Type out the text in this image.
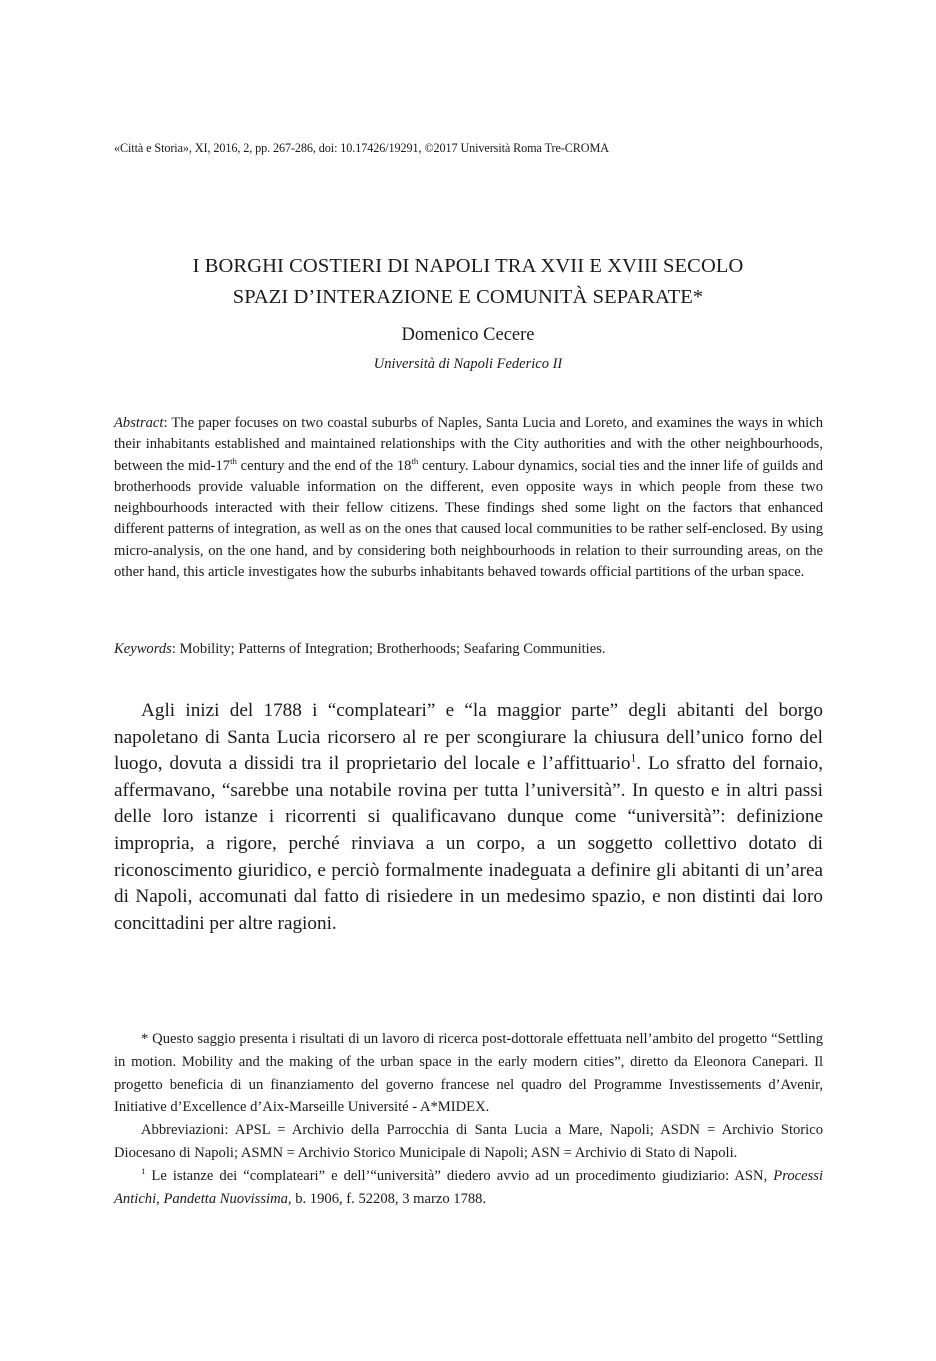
«Città e Storia», XI, 2016, 2, pp. 267-286, doi: 10.17426/19291, ©2017 Università Roma Tre-CROMA
I BORGHI COSTIERI DI NAPOLI TRA XVII E XVIII SECOLO
SPAZI D’INTERAZIONE E COMUNITÀ SEPARATE*
Domenico Cecere
Università di Napoli Federico II

Abstract: The paper focuses on two coastal suburbs of Naples, Santa Lucia and Loreto, and examines the ways in which their inhabitants established and maintained relationships with the City authorities and with the other neighbourhoods, between the mid-17th century and the end of the 18th century. Labour dynamics, social ties and the inner life of guilds and brotherhoods provide valuable information on the different, even opposite ways in which people from these two neighbourhoods interacted with their fellow citizens. These findings shed some light on the factors that enhanced different patterns of integration, as well as on the ones that caused local communities to be rather self-enclosed. By using micro-analysis, on the one hand, and by considering both neighbourhoods in relation to their surrounding areas, on the other hand, this article investigates how the suburbs inhabitants behaved towards official partitions of the urban space.

Keywords: Mobility; Patterns of Integration; Brotherhoods; Seafaring Communities.

Agli inizi del 1788 i “complateari” e “la maggior parte” degli abitanti del borgo napoletano di Santa Lucia ricorsero al re per scongiurare la chiusura dell’unico forno del luogo, dovuta a dissidi tra il proprietario del locale e l’affittuario$^1$. Lo sfratto del fornaio, affermavano, “sarebbe una notabile rovina per tutta l’università”. In questo e in altri passi delle loro istanze i ricorrenti si qualificavano dunque come “università”: definizione impropria, a rigore, perché rinviava a un corpo, a un soggetto collettivo dotato di riconoscimento giuridico, e perciò formalmente inadeguata a definire gli abitanti di un’area di Napoli, accomunati dal fatto di risiedere in un medesimo spazio, e non distinti dai loro concittadini per altre ragioni.

* Questo saggio presenta i risultati di un lavoro di ricerca post-dottorale effettuata nell’ambito del progetto “Settling in motion. Mobility and the making of the urban space in the early modern cities”, diretto da Eleonora Canepari. Il progetto beneficia di un finanziamento del governo francese nel quadro del Programme Investissements d’Avenir, Initiative d’Excellence d’Aix-Marseille Université - A*MIDEX.

Abbreviazioni: APSL = Archivio della Parrocchia di Santa Lucia a Mare, Napoli; ASDN = Archivio Storico Diocesano di Napoli; ASMN = Archivio Storico Municipale di Napoli; ASN = Archivio di Stato di Napoli.

$^1$ Le istanze dei “complateari” e dell’“università” diedero avvio ad un procedimento giudiziario: ASN, Processi Antichi, Pandetta Nuovissima, b. 1906, f. 52208, 3 marzo 1788.
